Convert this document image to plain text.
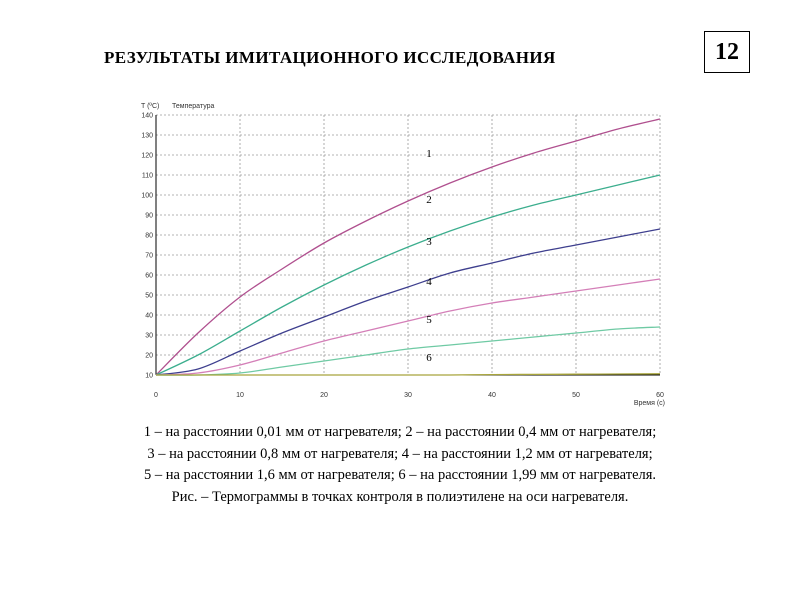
РЕЗУЛЬТАТЫ ИМИТАЦИОННОГО ИССЛЕДОВАНИЯ	12
0	10	20	30	40	50	60
10
20
30
40
50
60
70
80
90
100
110
120
130
140
1
2
3
4
5
6
T (ºC) Температура
Время (с)
1 – на расстоянии 0,01 мм от нагревателя; 2 – на расстоянии 0,4 мм от нагревателя;
3 – на расстоянии 0,8 мм от нагревателя; 4 – на расстоянии 1,2 мм от нагревателя;
5 – на расстоянии 1,6 мм от нагревателя; 6 – на расстоянии 1,99 мм от нагревателя.
Рис. – Термограммы в точках контроля в полиэтилене на оси нагревателя.
